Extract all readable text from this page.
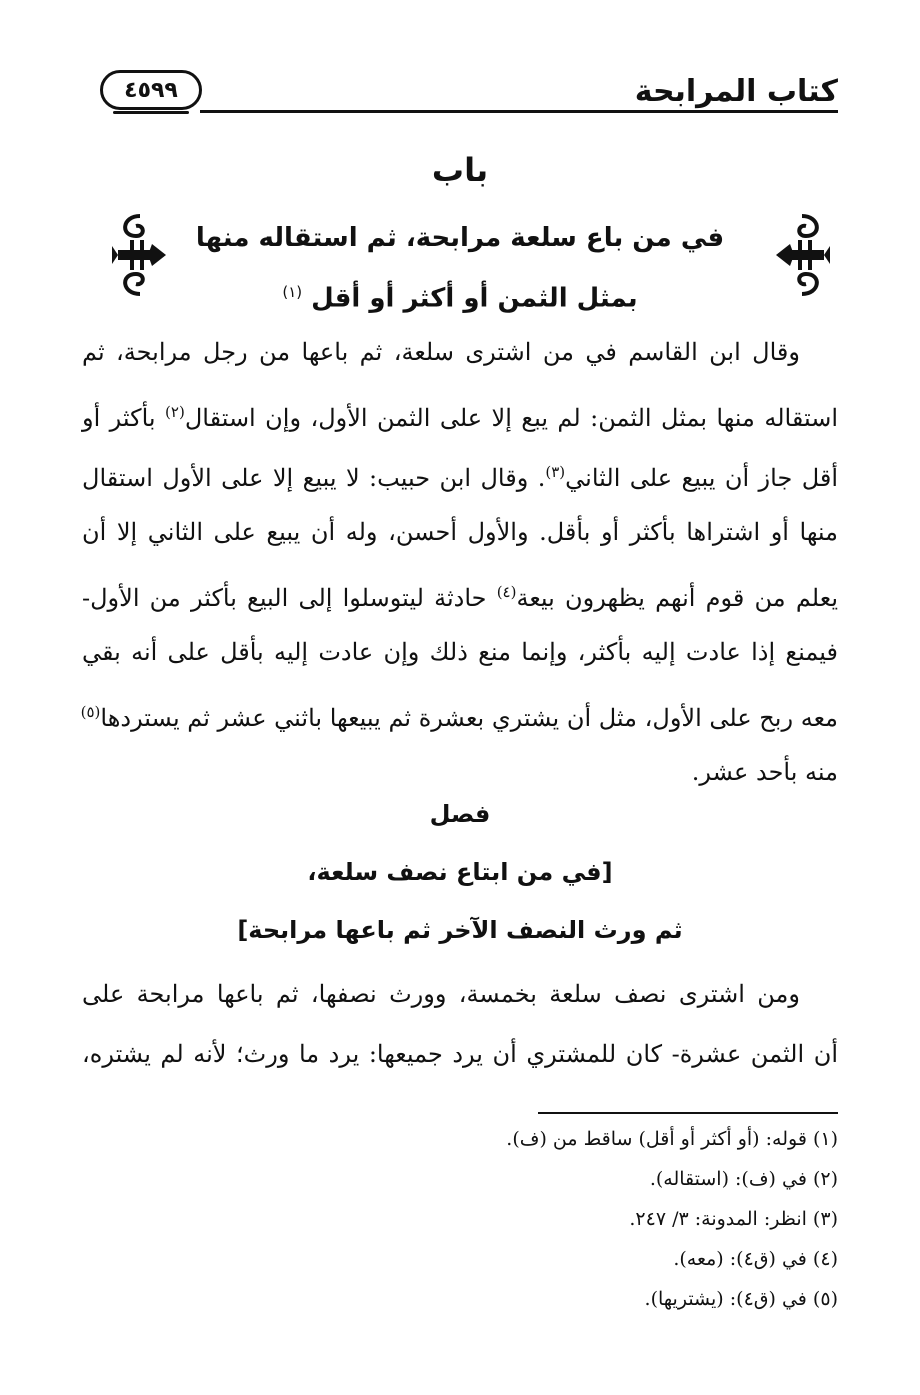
كتاب المرابحة
٤٥٩٩
باب
في من باع سلعة مرابحة، ثم استقاله منها
بمثل الثمن أو أكثر أو أقل $^{(١)}$
وقال ابن القاسم في من اشترى سلعة، ثم باعها من رجل مرابحة، ثم
استقاله منها بمثل الثمن: لم يبع إلا على الثمن الأول، وإن استقال$^{(٢)}$ بأكثر أو
أقل جاز أن يبيع على الثاني$^{(٣)}$. وقال ابن حبيب: لا يبيع إلا على الأول استقال
منها أو اشتراها بأكثر أو بأقل. والأول أحسن، وله أن يبيع على الثاني إلا أن
يعلم من قوم أنهم يظهرون بيعة$^{(٤)}$ حادثة ليتوسلوا إلى البيع بأكثر من الأول-
فيمنع إذا عادت إليه بأكثر، وإنما منع ذلك وإن عادت إليه بأقل على أنه بقي
معه ربح على الأول، مثل أن يشتري بعشرة ثم يبيعها باثني عشر ثم يستردها$^{(٥)}$
منه بأحد عشر.
فصل
[في من ابتاع نصف سلعة،
ثم ورث النصف الآخر ثم باعها مرابحة]
ومن اشترى نصف سلعة بخمسة، وورث نصفها، ثم باعها مرابحة على
أن الثمن عشرة- كان للمشتري أن يرد جميعها: يرد ما ورث؛ لأنه لم يشتره،
(١) قوله: (أو أكثر أو أقل) ساقط من (ف).
(٢) في (ف): (استقاله).
(٣) انظر: المدونة: ٣/ ٢٤٧.
(٤) في (ق٤): (معه).
(٥) في (ق٤): (يشتريها).
